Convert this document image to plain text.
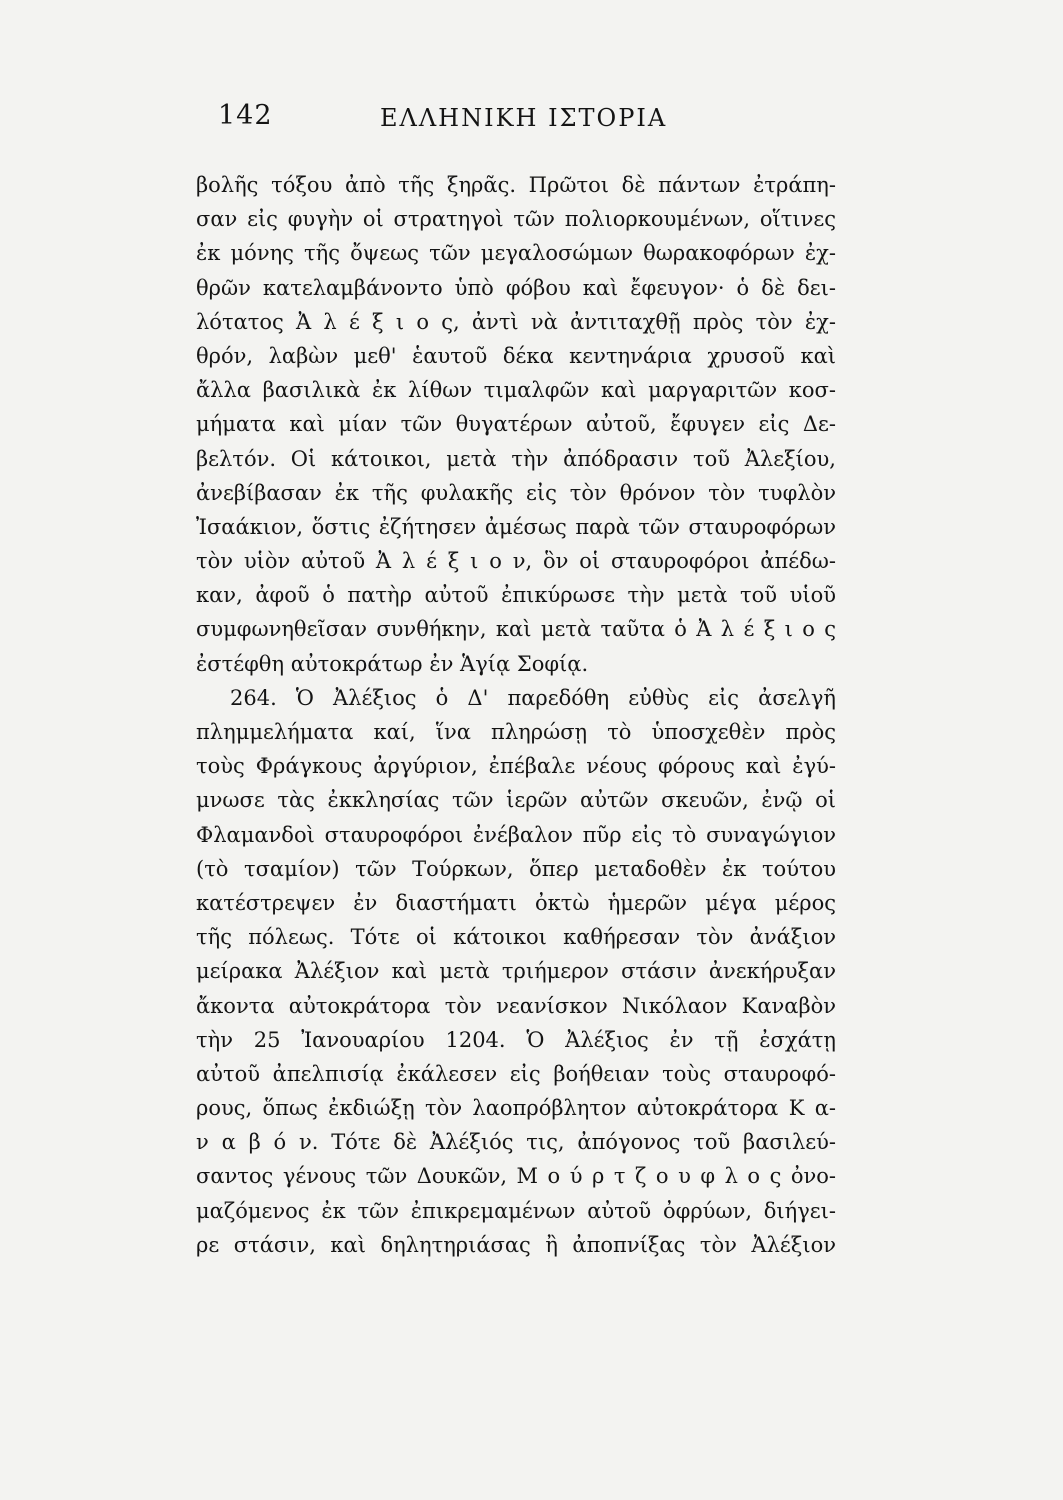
142	ΕΛΛΗΝΙΚΗ ΙΣΤΟΡΙΑ
βολῆς τόξου ἀπὸ τῆς ξηρᾶς. Πρῶτοι δὲ πάντων ἐτράπη-
σαν εἰς φυγὴν οἱ στρατηγοὶ τῶν πολιορκουμένων, οἵτινες
ἐκ μόνης τῆς ὄψεως τῶν μεγαλοσώμων θωρακοφόρων ἐχ-
θρῶν κατελαμβάνοντο ὑπὸ φόβου καὶ ἔφευγον· ὁ δὲ δει-
λότατος Ἀ λ έ ξ ι ο ς, ἀντὶ νὰ ἀντιταχθῇ πρὸς τὸν ἐχ-
θρόν, λαβὼν μεθ' ἑαυτοῦ δέκα κεντηνάρια χρυσοῦ καὶ
ἄλλα βασιλικὰ ἐκ λίθων τιμαλφῶν καὶ μαργαριτῶν κοσ-
μήματα καὶ μίαν τῶν θυγατέρων αὐτοῦ, ἔφυγεν εἰς Δε-
βελτόν. Οἱ κάτοικοι, μετὰ τὴν ἀπόδρασιν τοῦ Ἀλεξίου,
ἀνεβίβασαν ἐκ τῆς φυλακῆς εἰς τὸν θρόνον τὸν τυφλὸν
Ἰσαάκιον, ὅστις ἐζήτησεν ἀμέσως παρὰ τῶν σταυροφόρων
τὸν υἱὸν αὐτοῦ Ἀ λ έ ξ ι ο ν, ὃν οἱ σταυροφόροι ἀπέδω-
καν, ἀφοῦ ὁ πατὴρ αὐτοῦ ἐπικύρωσε τὴν μετὰ τοῦ υἱοῦ
συμφωνηθεῖσαν συνθήκην, καὶ μετὰ ταῦτα ὁ Ἀ λ έ ξ ι ο ς
ἐστέφθη αὐτοκράτωρ ἐν Ἁγίᾳ Σοφίᾳ.
264. Ὁ Ἀλέξιος ὁ Δ' παρεδόθη εὐθὺς εἰς ἀσελγῆ
πλημμελήματα καί, ἵνα πληρώσῃ τὸ ὑποσχεθὲν πρὸς
τοὺς Φράγκους ἀργύριον, ἐπέβαλε νέους φόρους καὶ ἐγύ-
μνωσε τὰς ἐκκλησίας τῶν ἱερῶν αὐτῶν σκευῶν, ἐνῷ οἱ
Φλαμανδοὶ σταυροφόροι ἐνέβαλον πῦρ εἰς τὸ συναγώγιον
(τὸ τσαμίον) τῶν Τούρκων, ὅπερ μεταδοθὲν ἐκ τούτου
κατέστρεψεν ἐν διαστήματι ὀκτὼ ἡμερῶν μέγα μέρος
τῆς πόλεως. Τότε οἱ κάτοικοι καθήρεσαν τὸν ἀνάξιον
μείρακα Ἀλέξιον καὶ μετὰ τριήμερον στάσιν ἀνεκήρυξαν
ἄκοντα αὐτοκράτορα τὸν νεανίσκον Νικόλαον Καναβὸν
τὴν 25 Ἰανουαρίου 1204. Ὁ Ἀλέξιος ἐν τῇ ἐσχάτῃ
αὐτοῦ ἀπελπισίᾳ ἐκάλεσεν εἰς βοήθειαν τοὺς σταυροφό-
ρους, ὅπως ἐκδιώξῃ τὸν λαοπρόβλητον αὐτοκράτορα Κ α-
ν α β ό ν. Τότε δὲ Ἀλέξιός τις, ἀπόγονος τοῦ βασιλεύ-
σαντος γένους τῶν Δουκῶν, Μ ο ύ ρ τ ζ ο υ φ λ ο ς ὀνο-
μαζόμενος ἐκ τῶν ἐπικρεμαμένων αὐτοῦ ὀφρύων, διήγει-
ρε στάσιν, καὶ δηλητηριάσας ἢ ἀποπνίξας τὸν Ἀλέξιον
